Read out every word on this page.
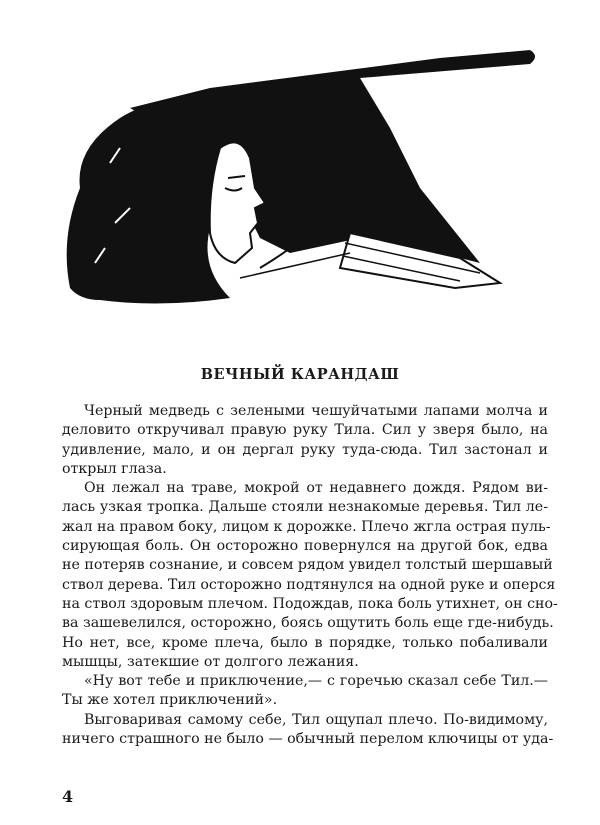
ВЕЧНЫЙ КАРАНДАШ
Черный медведь с зелеными чешуйчатыми лапами молча и
деловито откручивал правую руку Тила. Сил у зверя было, на
удивление, мало, и он дергал руку туда-сюда. Тил застонал и
открыл глаза.
Он лежал на траве, мокрой от недавнего дождя. Рядом ви-
лась узкая тропка. Дальше стояли незнакомые деревья. Тил ле-
жал на правом боку, лицом к дорожке. Плечо жгла острая пуль-
сирующая боль. Он осторожно повернулся на другой бок, едва
не потеряв сознание, и совсем рядом увидел толстый шершавый
ствол дерева. Тил осторожно подтянулся на одной руке и оперся
на ствол здоровым плечом. Подождав, пока боль утихнет, он сно-
ва зашевелился, осторожно, боясь ощутить боль еще где-нибудь.
Но нет, все, кроме плеча, было в порядке, только побаливали
мышцы, затекшие от долгого лежания.
«Ну вот тебе и приключение,— с горечью сказал себе Тил.—
Ты же хотел приключений».
Выговаривая самому себе, Тил ощупал плечо. По-видимому,
ничего страшного не было — обычный перелом ключицы от уда-
4
